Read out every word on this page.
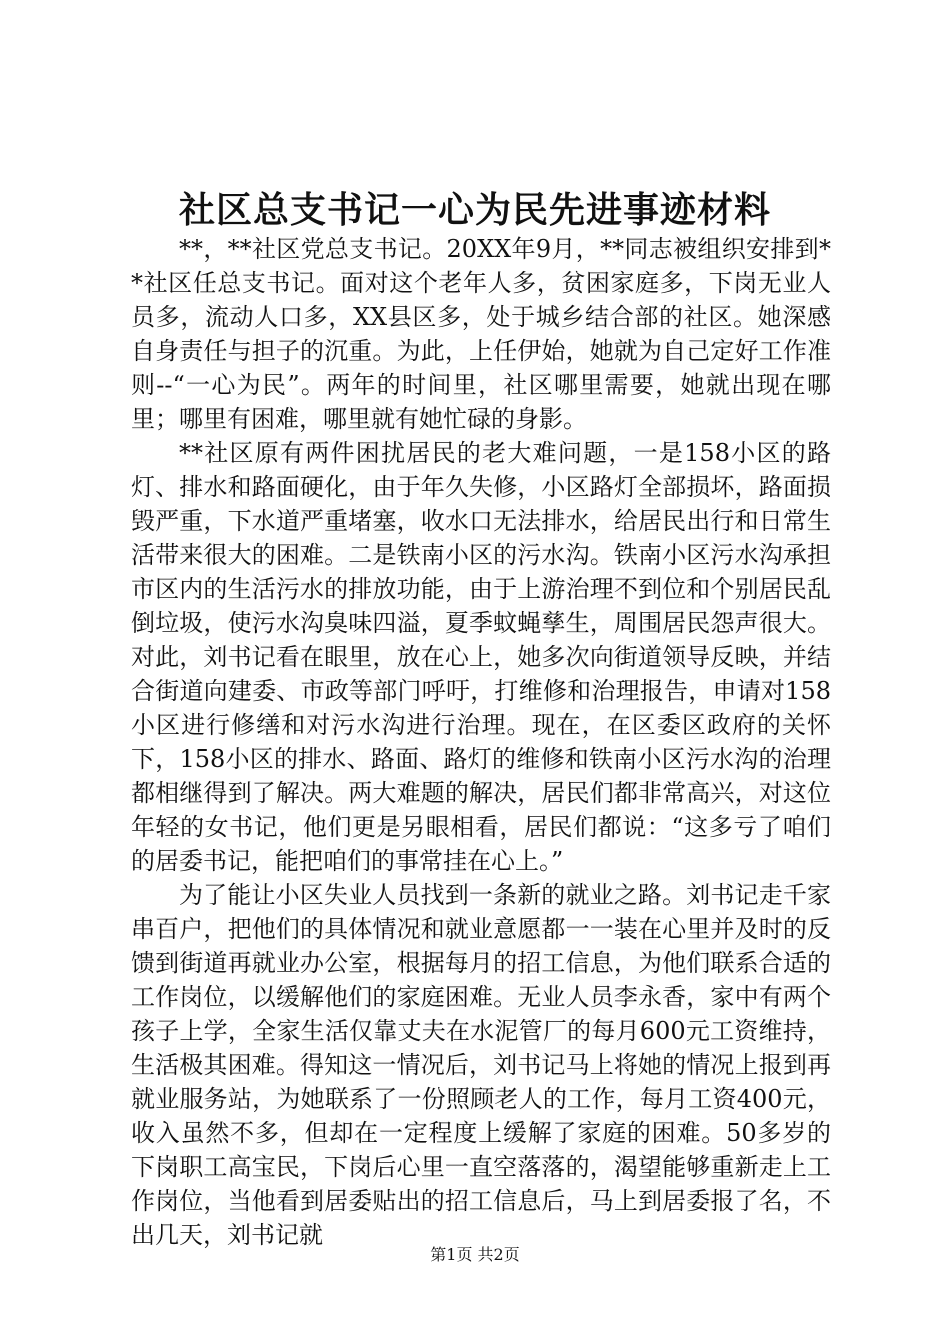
社区总支书记一心为民先进事迹材料

**，**社区党总支书记。20XX年9月，**同志被组织安排到**社区任总支书记。面对这个老年人多，贫困家庭多，下岗无业人员多，流动人口多，XX县区多，处于城乡结合部的社区。她深感自身责任与担子的沉重。为此，上任伊始，她就为自己定好工作准则--“一心为民”。两年的时间里，社区哪里需要，她就出现在哪里；哪里有困难，哪里就有她忙碌的身影。

**社区原有两件困扰居民的老大难问题，一是158小区的路灯、排水和路面硬化，由于年久失修，小区路灯全部损坏，路面损毁严重，下水道严重堵塞，收水口无法排水，给居民出行和日常生活带来很大的困难。二是铁南小区的污水沟。铁南小区污水沟承担市区内的生活污水的排放功能，由于上游治理不到位和个别居民乱倒垃圾，使污水沟臭味四溢，夏季蚊蝇孳生，周围居民怨声很大。对此，刘书记看在眼里，放在心上，她多次向街道领导反映，并结合街道向建委、市政等部门呼吁，打维修和治理报告，申请对158小区进行修缮和对污水沟进行治理。现在，在区委区政府的关怀下，158小区的排水、路面、路灯的维修和铁南小区污水沟的治理都相继得到了解决。两大难题的解决，居民们都非常高兴，对这位年轻的女书记，他们更是另眼相看，居民们都说：“这多亏了咱们的居委书记，能把咱们的事常挂在心上。”

为了能让小区失业人员找到一条新的就业之路。刘书记走千家串百户，把他们的具体情况和就业意愿都一一装在心里并及时的反馈到街道再就业办公室，根据每月的招工信息，为他们联系合适的工作岗位，以缓解他们的家庭困难。无业人员李永香，家中有两个孩子上学，全家生活仅靠丈夫在水泥管厂的每月600元工资维持，生活极其困难。得知这一情况后，刘书记马上将她的情况上报到再就业服务站，为她联系了一份照顾老人的工作，每月工资400元，收入虽然不多，但却在一定程度上缓解了家庭的困难。50多岁的下岗职工高宝民，下岗后心里一直空落落的，渴望能够重新走上工作岗位，当他看到居委贴出的招工信息后，马上到居委报了名，不出几天，刘书记就

第1页 共2页
